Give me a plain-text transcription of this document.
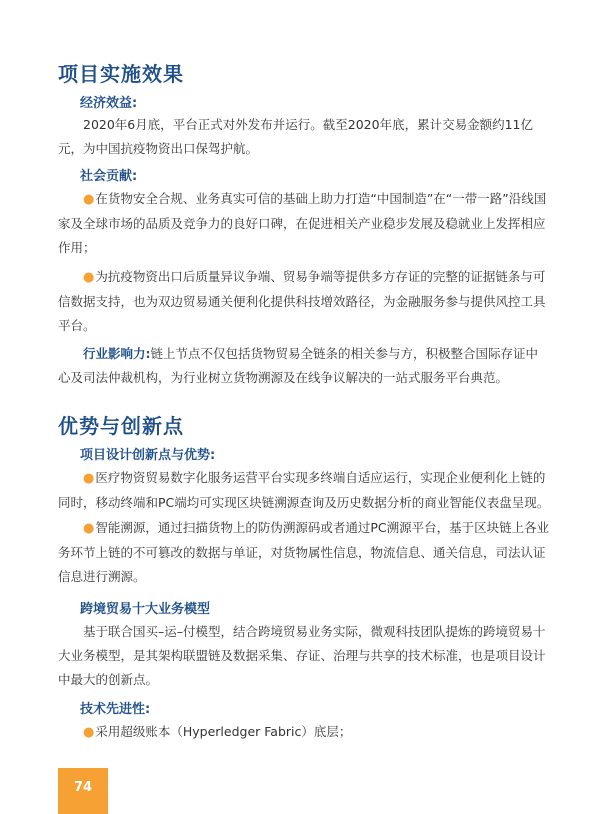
项目实施效果
经济效益:
2020年6月底，平台正式对外发布并运行。截至2020年底，累计交易金额约11亿元，为中国抗疫物资出口保驾护航。
社会贡献:
●在货物安全合规、业务真实可信的基础上助力打造“中国制造”在“一带一路”沿线国家及全球市场的品质及竞争力的良好口碑，在促进相关产业稳步发展及稳就业上发挥相应作用；
●为抗疫物资出口后质量异议争端、贸易争端等提供多方存证的完整的证据链条与可信数据支持，也为双边贸易通关便利化提供科技增效路径，为金融服务参与提供风控工具平台。
行业影响力:链上节点不仅包括货物贸易全链条的相关参与方，积极整合国际存证中心及司法仲裁机构，为行业树立货物溯源及在线争议解决的一站式服务平台典范。
优势与创新点
项目设计创新点与优势:
●医疗物资贸易数字化服务运营平台实现多终端自适应运行，实现企业便利化上链的同时，移动终端和PC端均可实现区块链溯源查询及历史数据分析的商业智能仪表盘呈现。
●智能溯源，通过扫描货物上的防伪溯源码或者通过PC溯源平台，基于区块链上各业务环节上链的不可篡改的数据与单证，对货物属性信息，物流信息、通关信息，司法认证信息进行溯源。
跨境贸易十大业务模型
基于联合国买–运–付模型，结合跨境贸易业务实际，微观科技团队提炼的跨境贸易十大业务模型，是其架构联盟链及数据采集、存证、治理与共享的技术标准，也是项目设计中最大的创新点。
技术先进性:
●采用超级账本（Hyperledger Fabric）底层；
74
